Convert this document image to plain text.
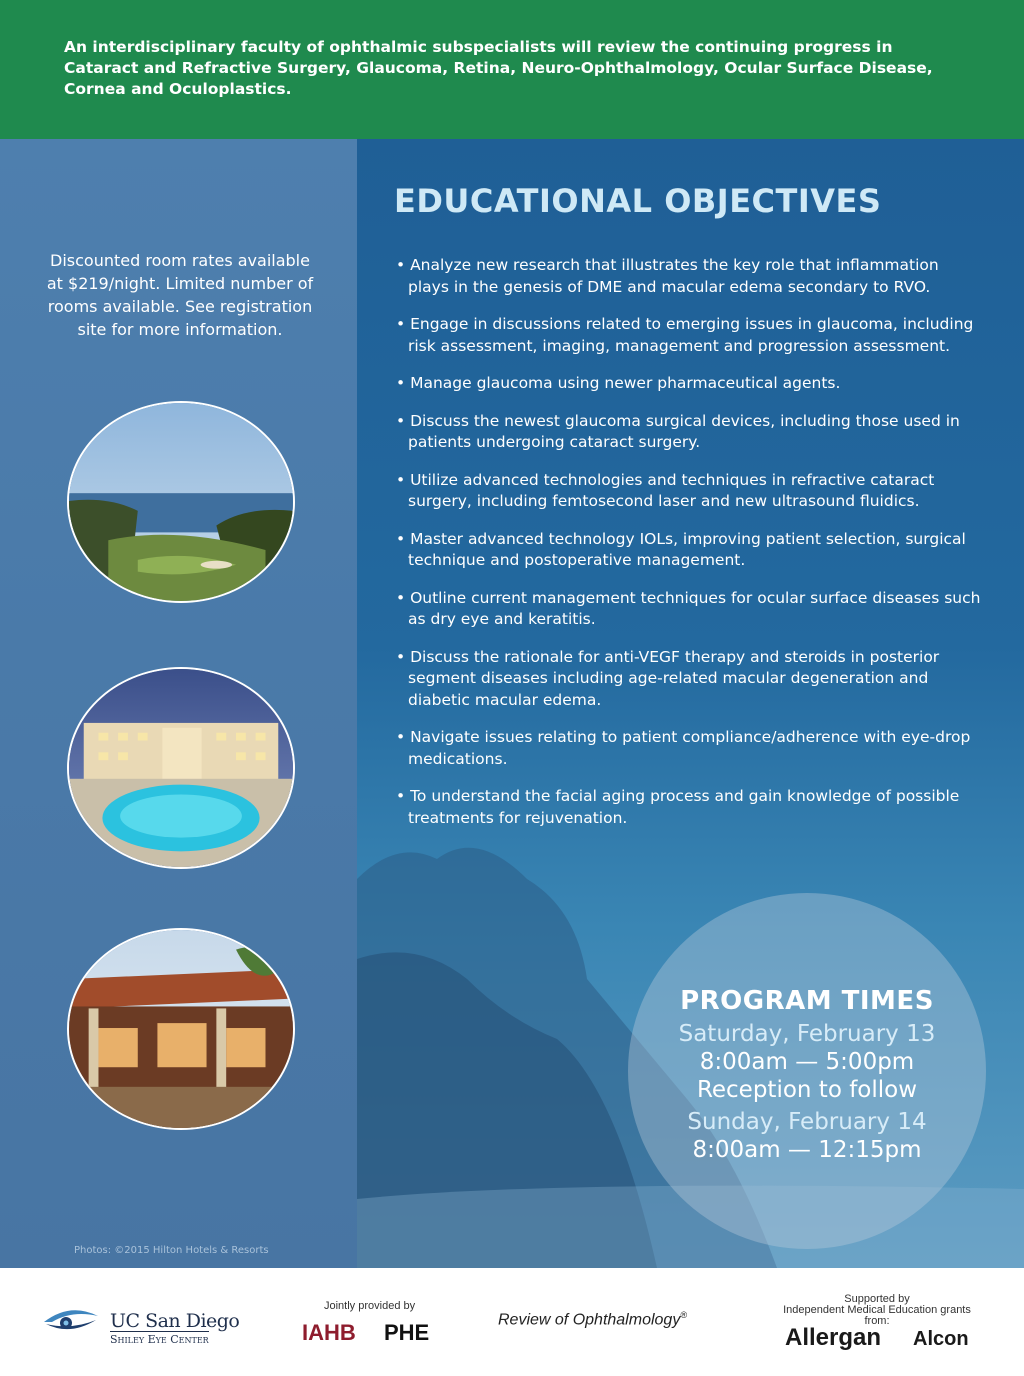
An interdisciplinary faculty of ophthalmic subspecialists will review the continuing progress in Cataract and Refractive Surgery, Glaucoma, Retina, Neuro-Ophthalmology, Ocular Surface Disease, Cornea and Oculoplastics.

Discounted room rates available at $219/night. Limited number of rooms available. See registration site for more information.

Photos: ©2015 Hilton Hotels & Resorts

EDUCATIONAL OBJECTIVES
• Analyze new research that illustrates the key role that inflammation plays in the genesis of DME and macular edema secondary to RVO.
• Engage in discussions related to emerging issues in glaucoma, including risk assessment, imaging, management and progression assessment.
• Manage glaucoma using newer pharmaceutical agents.
• Discuss the newest glaucoma surgical devices, including those used in patients undergoing cataract surgery.
• Utilize advanced technologies and techniques in refractive cataract surgery, including femtosecond laser and new ultrasound fluidics.
• Master advanced technology IOLs, improving patient selection, surgical technique and postoperative management.
• Outline current management techniques for ocular surface diseases such as dry eye and keratitis.
• Discuss the rationale for anti-VEGF therapy and steroids in posterior segment diseases including age-related macular degeneration and diabetic macular edema.
• Navigate issues relating to patient compliance/adherence with eye-drop medications.
• To understand the facial aging process and gain knowledge of possible treatments for rejuvenation.
PROGRAM TIMES
Saturday, February 13
8:00am — 5:00pm
Reception to follow
Sunday, February 14
8:00am — 12:15pm
UC San Diego
Shiley Eye Center
Jointly provided by
IAHB PHE
Review of Ophthalmology®
Supported by
Independent Medical Education grants from:
Allergan Alcon
